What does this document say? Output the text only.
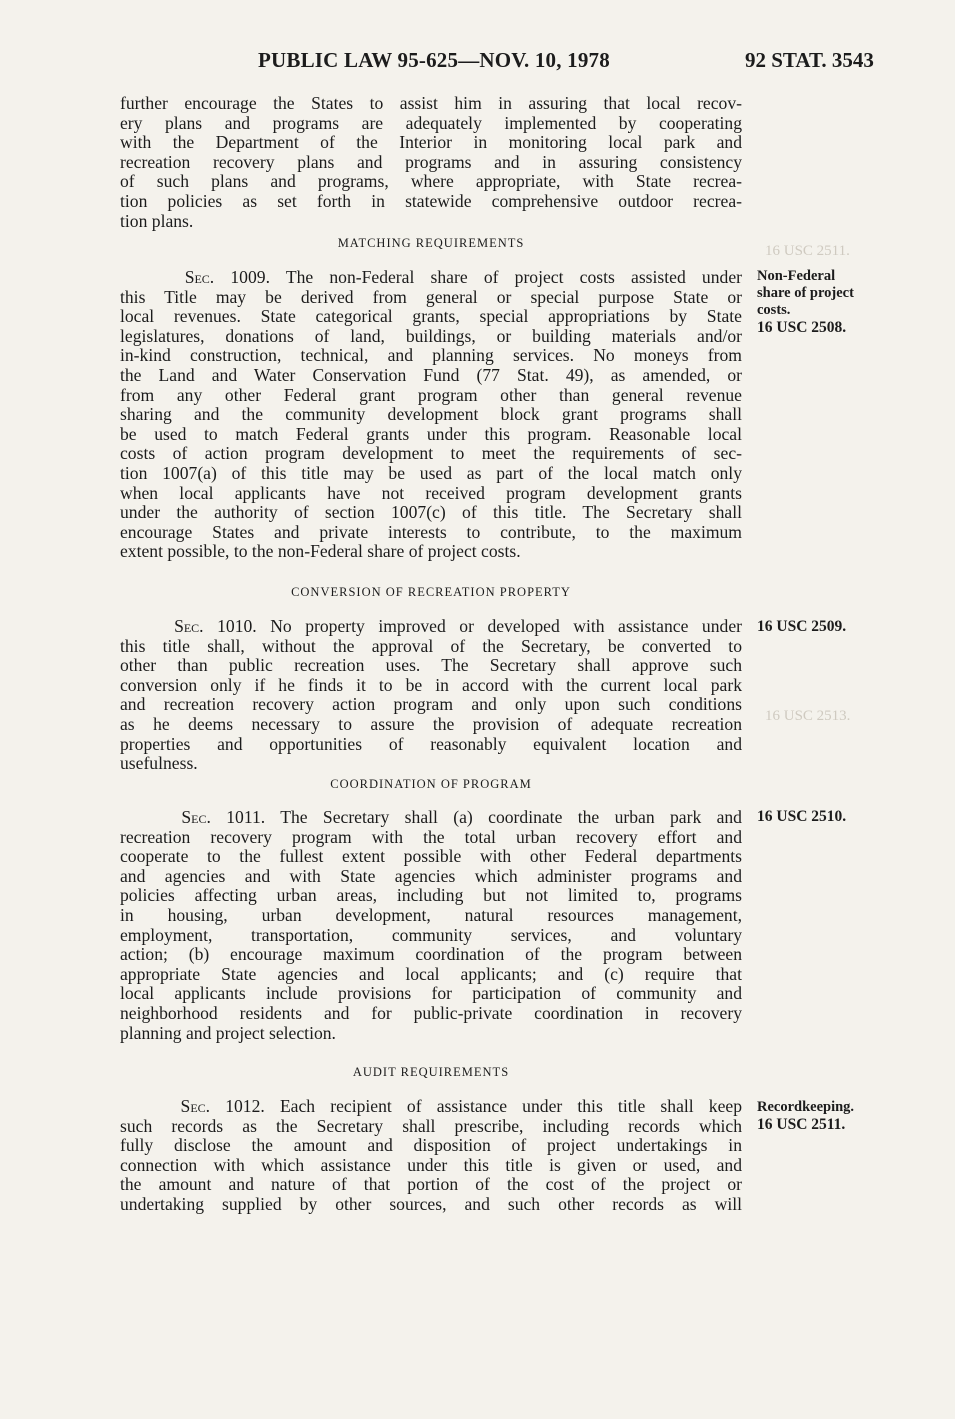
16 USC 2511.
16 USC 2513.
PUBLIC LAW 95-625—NOV. 10, 1978	92 STAT. 3543
further encourage the States to assist him in assuring that local recov-
ery plans and programs are adequately implemented by cooperating
with the Department of the Interior in monitoring local park and
recreation recovery plans and programs and in assuring consistency
of such plans and programs, where appropriate, with State recrea-
tion policies as set forth in statewide comprehensive outdoor recrea-
tion plans.
MATCHING REQUIREMENTS
Sec. 1009. The non-Federal share of project costs assisted under
this Title may be derived from general or special purpose State or
local revenues. State categorical grants, special appropriations by State
legislatures, donations of land, buildings, or building materials and/or
in-kind construction, technical, and planning services. No moneys from
the Land and Water Conservation Fund (77 Stat. 49), as amended, or
from any other Federal grant program other than general revenue
sharing and the community development block grant programs shall
be used to match Federal grants under this program. Reasonable local
costs of action program development to meet the requirements of sec-
tion 1007(a) of this title may be used as part of the local match only
when local applicants have not received program development grants
under the authority of section 1007(c) of this title. The Secretary shall
encourage States and private interests to contribute, to the maximum
extent possible, to the non-Federal share of project costs.
Non-Federal
share of project
costs.
16 USC 2508.
CONVERSION OF RECREATION PROPERTY
Sec. 1010. No property improved or developed with assistance under
this title shall, without the approval of the Secretary, be converted to
other than public recreation uses. The Secretary shall approve such
conversion only if he finds it to be in accord with the current local park
and recreation recovery action program and only upon such conditions
as he deems necessary to assure the provision of adequate recreation
properties and opportunities of reasonably equivalent location and
usefulness.
16 USC 2509.
COORDINATION OF PROGRAM
Sec. 1011. The Secretary shall (a) coordinate the urban park and
recreation recovery program with the total urban recovery effort and
cooperate to the fullest extent possible with other Federal departments
and agencies and with State agencies which administer programs and
policies affecting urban areas, including but not limited to, programs
in housing, urban development, natural resources management,
employment, transportation, community services, and voluntary
action; (b) encourage maximum coordination of the program between
appropriate State agencies and local applicants; and (c) require that
local applicants include provisions for participation of community and
neighborhood residents and for public-private coordination in recovery
planning and project selection.
16 USC 2510.
AUDIT REQUIREMENTS
Sec. 1012. Each recipient of assistance under this title shall keep
such records as the Secretary shall prescribe, including records which
fully disclose the amount and disposition of project undertakings in
connection with which assistance under this title is given or used, and
the amount and nature of that portion of the cost of the project or
undertaking supplied by other sources, and such other records as will
Recordkeeping.
16 USC 2511.
